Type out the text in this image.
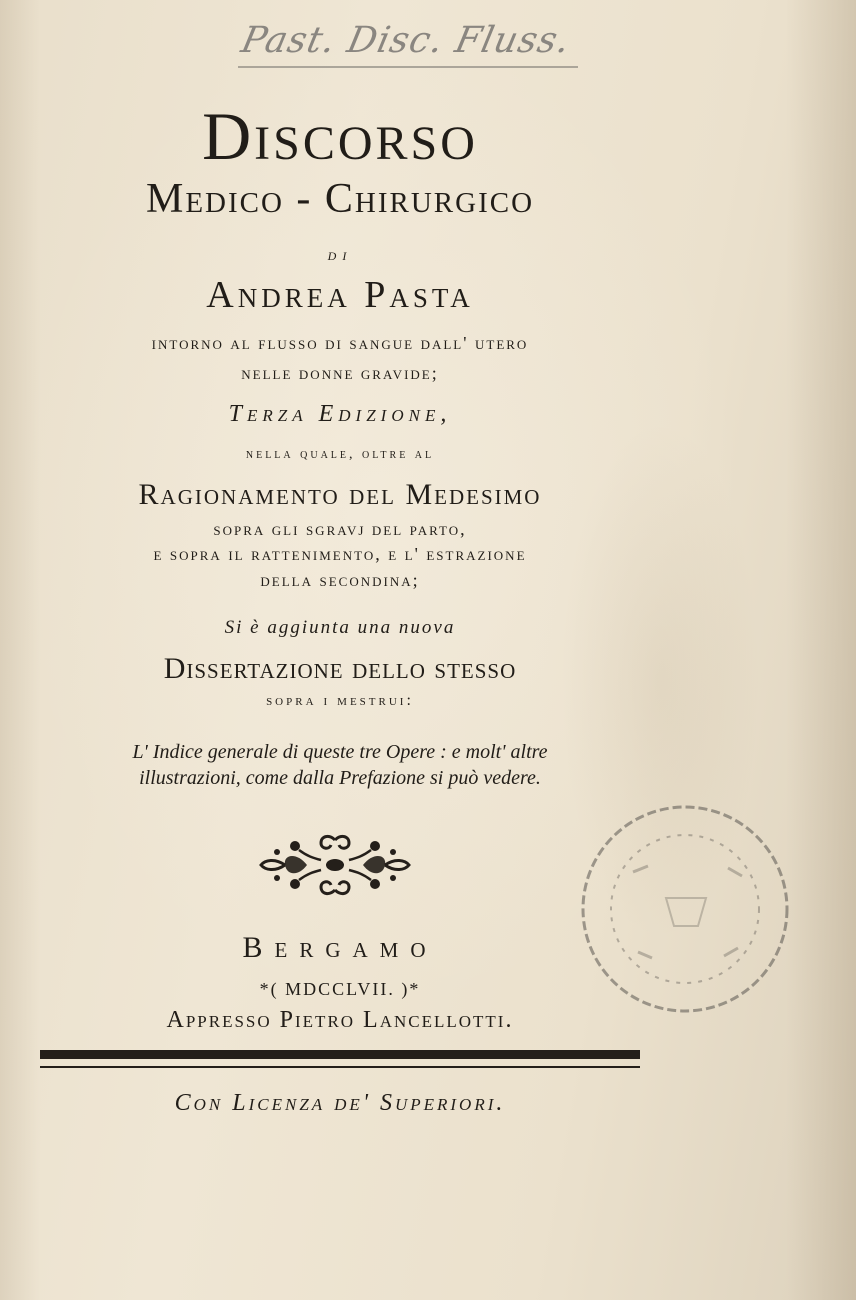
Past. Disc. Fluss.
Discorso
Medico - Chirurgico
di
Andrea Pasta
intorno al flusso di sangue dall' utero
nelle donne gravide;
Terza Edizione,
nella quale, oltre al
Ragionamento del Medesimo
sopra gli sgravj del parto,
e sopra il rattenimento, e l' estrazione
della secondina;
Si è aggiunta una nuova
Dissertazione dello stesso
sopra i mestrui:
L' Indice generale di queste tre Opere : e molt' altre
illustrazioni, come dalla Prefazione si può vedere.
Bergamo
*( MDCCLVII. )*
Appresso Pietro Lancellotti.
Con Licenza de' Superiori.
